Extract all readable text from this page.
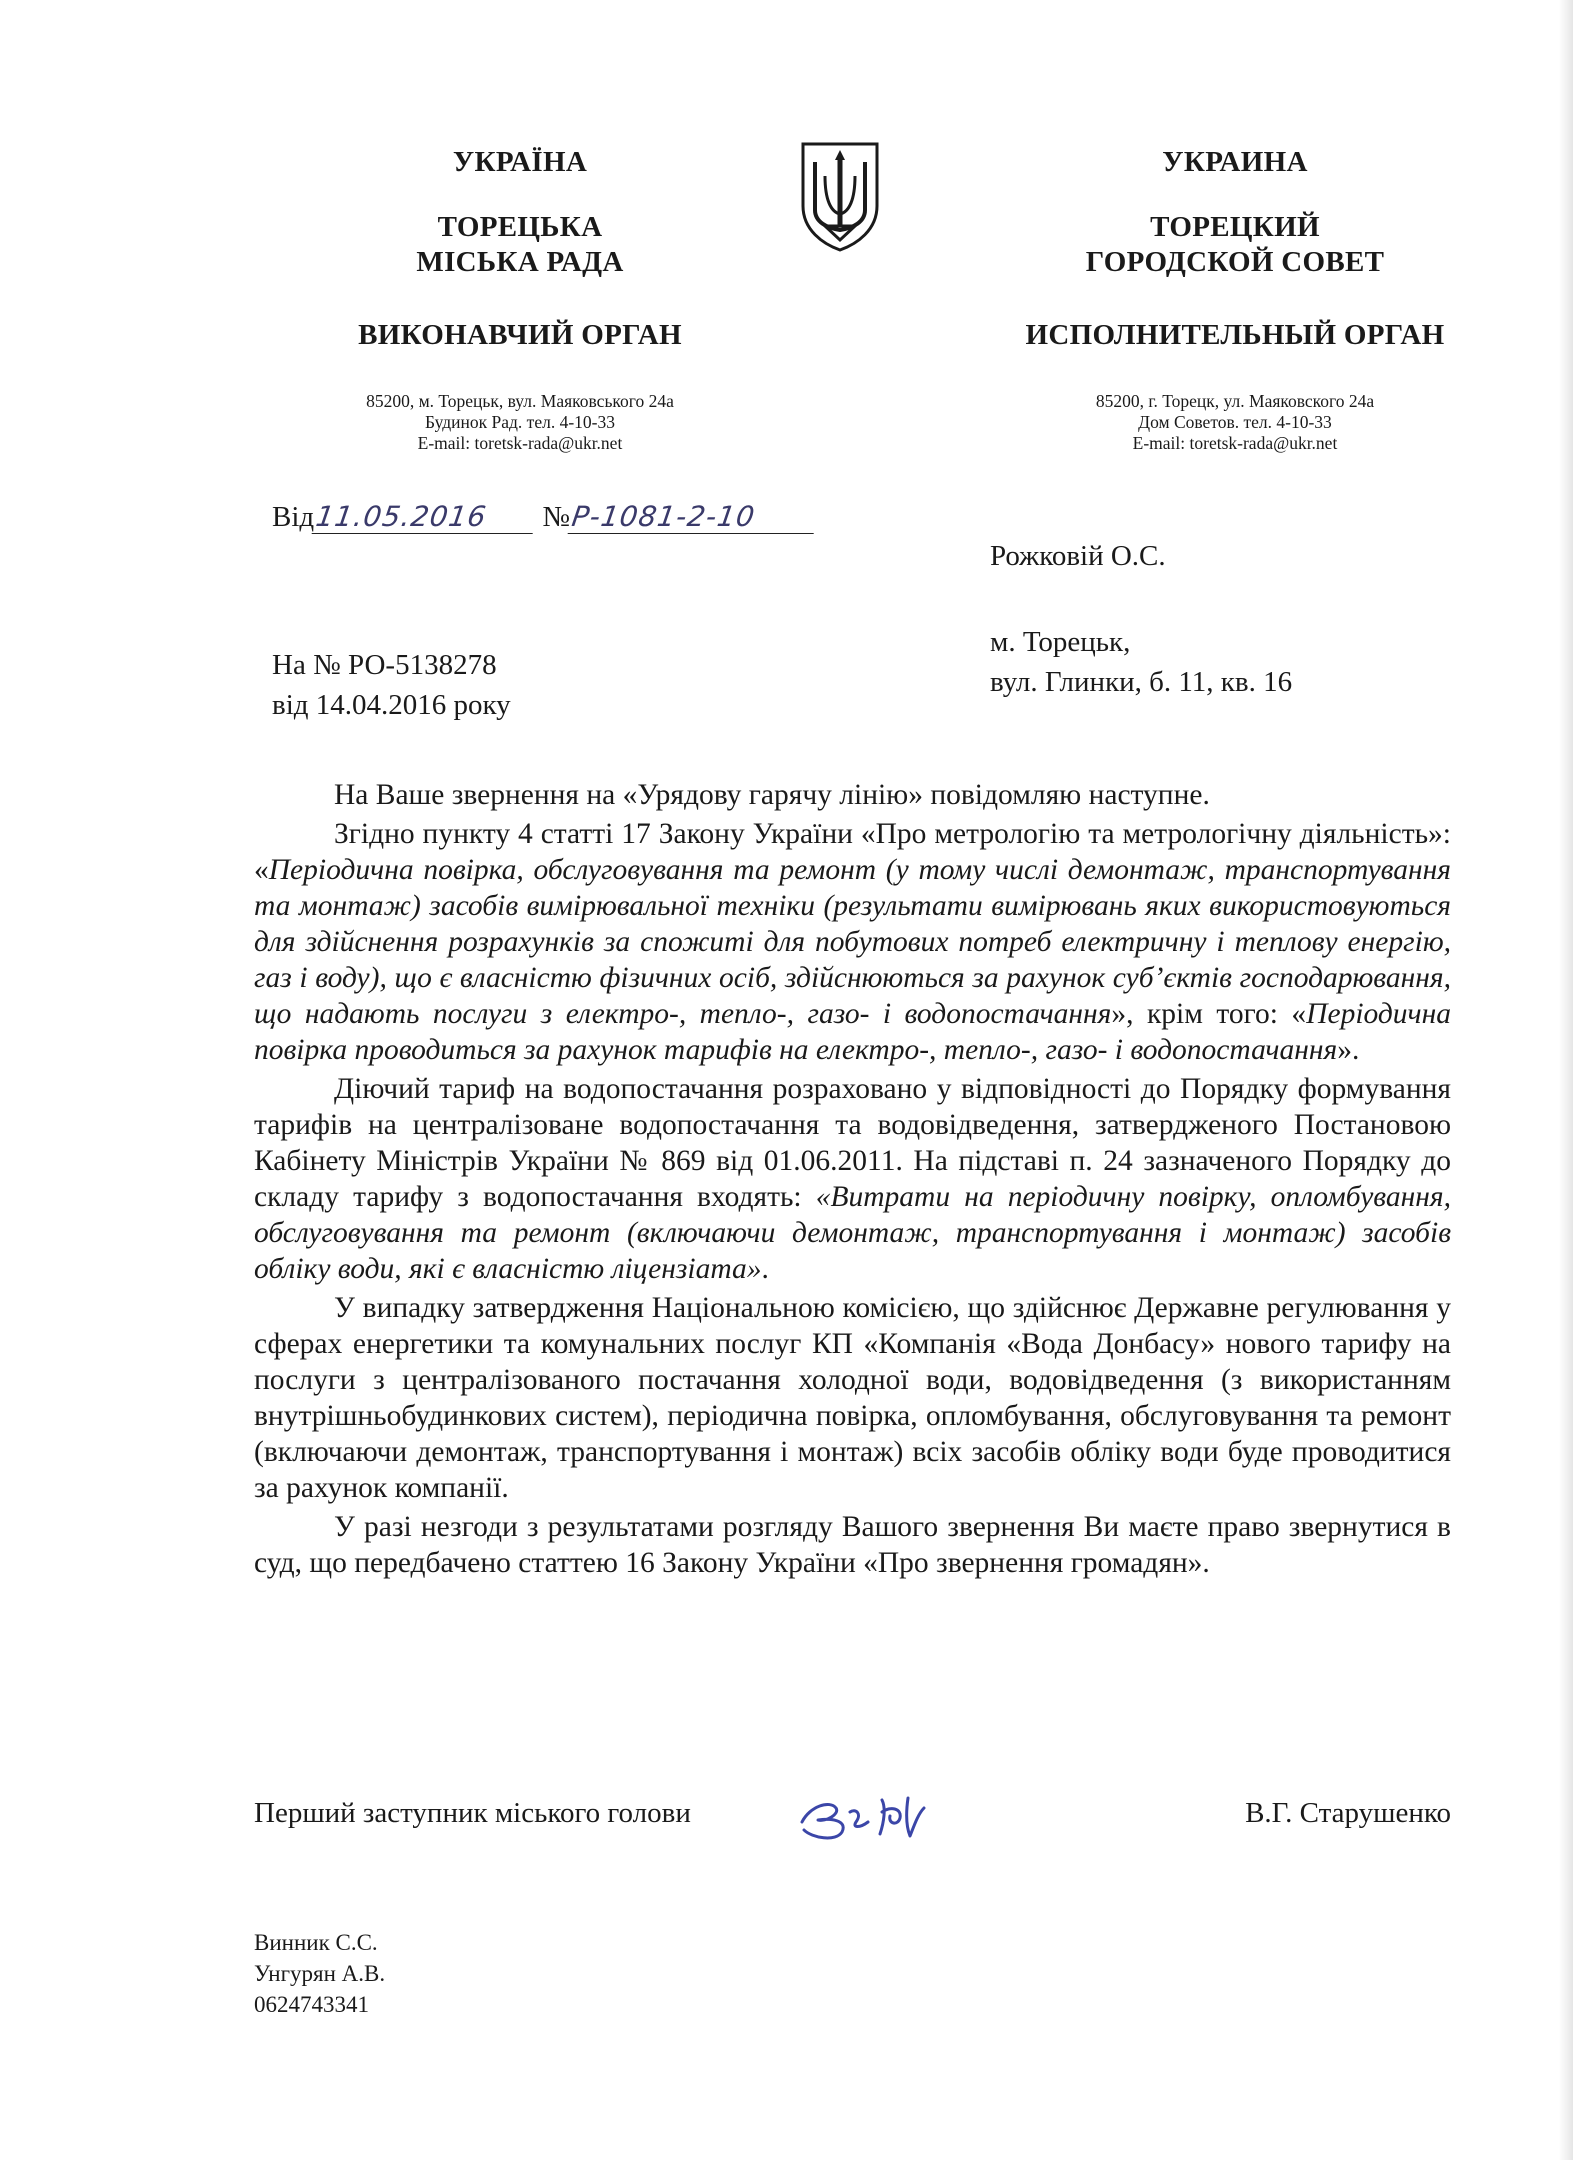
УКРАЇНА
ТОРЕЦЬКА
МІСЬКА РАДА
ВИКОНАВЧИЙ ОРГАН
85200, м. Торецьк, вул. Маяковського 24а
Будинок Рад. тел. 4-10-33
E-mail: toretsk-rada@ukr.net
УКРАИНА
ТОРЕЦКИЙ
ГОРОДСКОЙ СОВЕТ
ИСПОЛНИТЕЛЬНЫЙ ОРГАН
85200, г. Торецк, ул. Маяковского 24а
Дом Советов. тел. 4-10-33
E-mail: toretsk-rada@ukr.net
Від11.05.2016 №Р-1081-2-10
Рожковій О.С.
м. Торецьк,
вул. Глинки, б. 11, кв. 16
На № РО-5138278
від 14.04.2016 року

На Ваше звернення на «Урядову гарячу лінію» повідомляю наступне.

Згідно пункту 4 статті 17 Закону України «Про метрологію та метрологічну діяльність»: «Періодична повірка, обслуговування та ремонт (у тому числі демонтаж, транспортування та монтаж) засобів вимірювальної техніки (результати вимірювань яких використовуються для здійснення розрахунків за спожиті для побутових потреб електричну і теплову енергію, газ і воду), що є власністю фізичних осіб, здійснюються за рахунок суб’єктів господарювання, що надають послуги з електро-, тепло-, газо- і водопостачання», крім того: «Періодична повірка проводиться за рахунок тарифів на електро-, тепло-, газо- і водопостачання».

Діючий тариф на водопостачання розраховано у відповідності до Порядку формування тарифів на централізоване водопостачання та водовідведення, затвердженого Постановою Кабінету Міністрів України № 869 від 01.06.2011. На підставі п. 24 зазначеного Порядку до складу тарифу з водопостачання входять: «Витрати на періодичну повірку, опломбування, обслуговування та ремонт (включаючи демонтаж, транспортування і монтаж) засобів обліку води, які є власністю ліцензіата».

У випадку затвердження Національною комісією, що здійснює Державне регулювання у сферах енергетики та комунальних послуг КП «Компанія «Вода Донбасу» нового тарифу на послуги з централізованого постачання холодної води, водовідведення (з використанням внутрішньобудинкових систем), періодична повірка, опломбування, обслуговування та ремонт (включаючи демонтаж, транспортування і монтаж) всіх засобів обліку води буде проводитися за рахунок компанії.

У разі незгоди з результатами розгляду Вашого звернення Ви маєте право звернутися в суд, що передбачено статтею 16 Закону України «Про звернення громадян».

Перший заступник міського голови	В.Г. Старушенко
Винник С.С.
Унгурян А.В.
0624743341
